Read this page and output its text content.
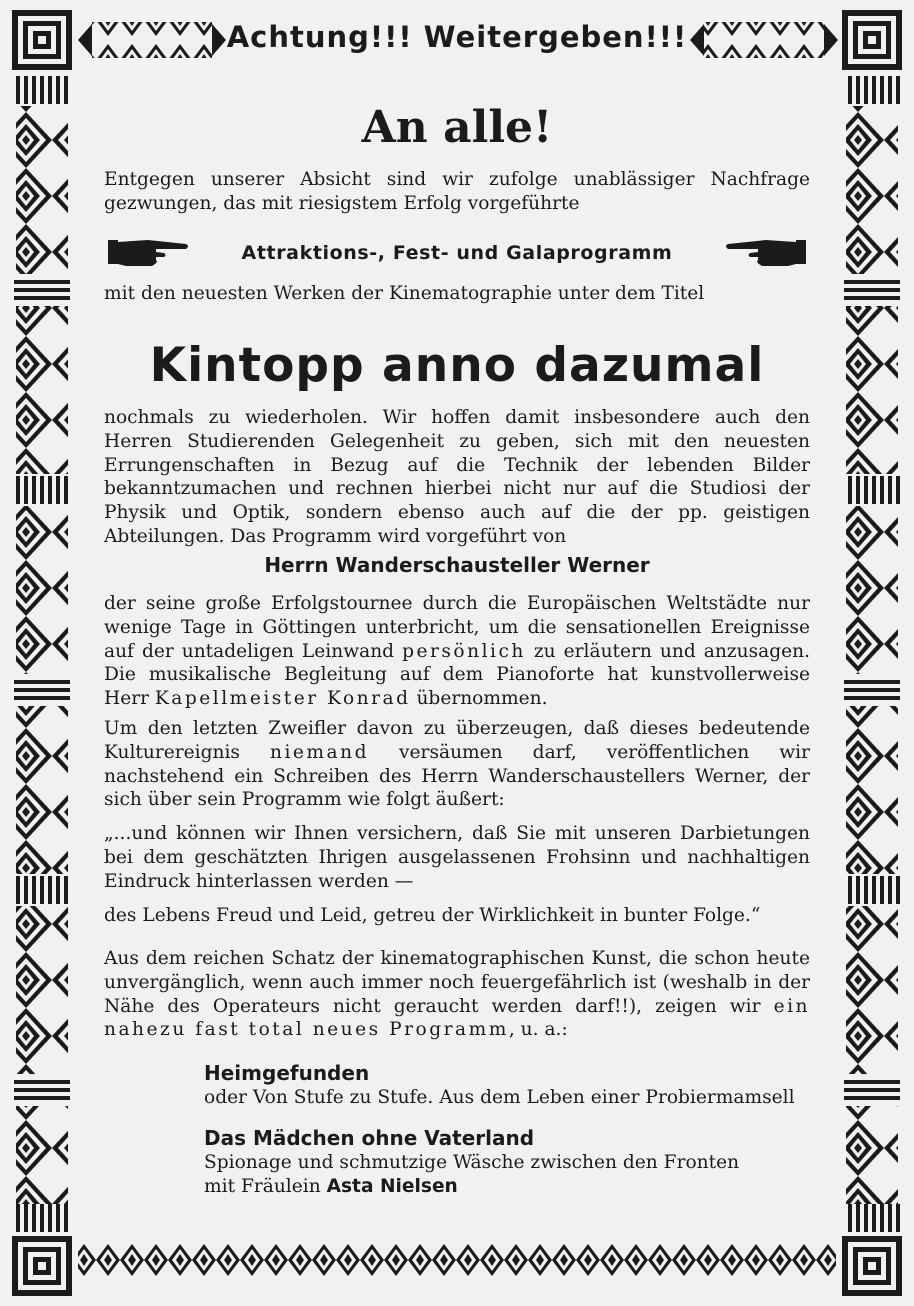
Achtung!!! Weitergeben!!!
An alle!
Entgegen unserer Absicht sind wir zufolge unablässiger Nachfrage gezwungen, das mit riesigstem Erfolg vorgeführte
Attraktions-, Fest- und Galaprogramm
mit den neuesten Werken der Kinematographie unter dem Titel
Kintopp anno dazumal
nochmals zu wiederholen. Wir hoffen damit insbesondere auch den Herren Studierenden Gelegenheit zu geben, sich mit den neuesten Errungenschaften in Bezug auf die Technik der lebenden Bilder bekanntzumachen und rechnen hierbei nicht nur auf die Studiosi der Physik und Optik, sondern ebenso auch auf die der pp. geistigen Abteilungen. Das Programm wird vorgeführt von
Herrn Wanderschausteller Werner
der seine große Erfolgstournee durch die Europäischen Weltstädte nur wenige Tage in Göttingen unterbricht, um die sensationellen Ereignisse auf der untadeligen Leinwand persönlich zu erläutern und anzusagen. Die musikalische Begleitung auf dem Pianoforte hat kunstvollerweise Herr Kapellmeister Konrad übernommen.
Um den letzten Zweifler davon zu überzeugen, daß dieses bedeutende Kulturereignis niemand versäumen darf, veröffentlichen wir nachstehend ein Schreiben des Herrn Wanderschaustellers Werner, der sich über sein Programm wie folgt äußert:
„...und können wir Ihnen versichern, daß Sie mit unseren Darbietungen bei dem geschätzten Ihrigen ausgelassenen Frohsinn und nachhaltigen Eindruck hinterlassen werden —
des Lebens Freud und Leid, getreu der Wirklichkeit in bunter Folge.“
Aus dem reichen Schatz der kinematographischen Kunst, die schon heute unvergänglich, wenn auch immer noch feuergefährlich ist (weshalb in der Nähe des Operateurs nicht geraucht werden darf!!), zeigen wir ein nahezu fast total neues Programm, u. a.:
Heimgefunden
oder Von Stufe zu Stufe. Aus dem Leben einer Probiermamsell
Das Mädchen ohne Vaterland
Spionage und schmutzige Wäsche zwischen den Fronten
mit Fräulein Asta Nielsen
